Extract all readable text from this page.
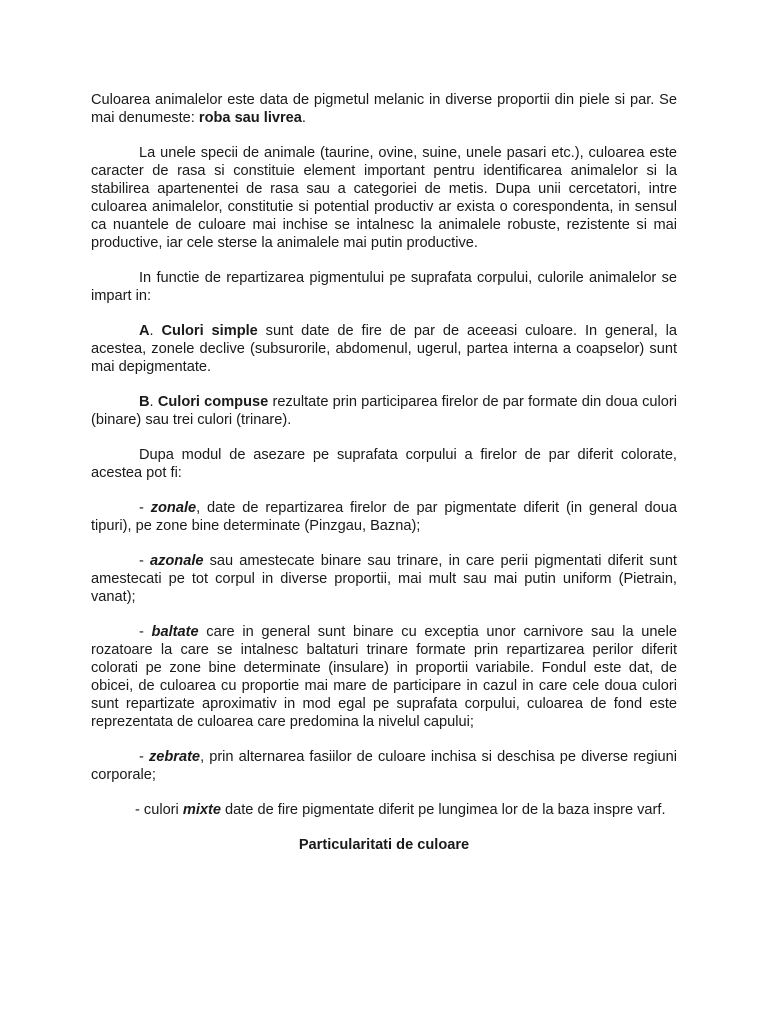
Culoarea animalelor este data de pigmetul melanic in diverse proportii din piele si par. Se mai denumeste: roba sau livrea.

La unele specii de animale (taurine, ovine, suine, unele pasari etc.), culoarea este caracter de rasa si constituie element important pentru identificarea animalelor si la stabilirea apartenentei de rasa sau a categoriei de metis. Dupa unii cercetatori, intre culoarea animalelor, constitutie si potential productiv ar exista o corespondenta, in sensul ca nuantele de culoare mai inchise se intalnesc la animalele robuste, rezistente si mai productive, iar cele sterse la animalele mai putin productive.

In functie de repartizarea pigmentului pe suprafata corpului, culorile animalelor se impart in:

A. Culori simple sunt date de fire de par de aceeasi culoare. In general, la acestea, zonele declive (subsurorile, abdomenul, ugerul, partea interna a coapselor) sunt mai depigmentate.

B. Culori compuse rezultate prin participarea firelor de par formate din doua culori (binare) sau trei culori (trinare).

Dupa modul de asezare pe suprafata corpului a firelor de par diferit colorate, acestea pot fi:

- zonale, date de repartizarea firelor de par pigmentate diferit (in general doua tipuri), pe zone bine determinate (Pinzgau, Bazna);

- azonale sau amestecate binare sau trinare, in care perii pigmentati diferit sunt amestecati pe tot corpul in diverse proportii, mai mult sau mai putin uniform (Pietrain, vanat);

- baltate care in general sunt binare cu exceptia unor carnivore sau la unele rozatoare la care se intalnesc baltaturi trinare formate prin repartizarea perilor diferit colorati pe zone bine determinate (insulare) in proportii variabile. Fondul este dat, de obicei, de culoarea cu proportie mai mare de participare in cazul in care cele doua culori sunt repartizate aproximativ in mod egal pe suprafata corpului, culoarea de fond este reprezentata de culoarea care predomina la nivelul capului;

- zebrate, prin alternarea fasiilor de culoare inchisa si deschisa pe diverse regiuni corporale;

- culori mixte date de fire pigmentate diferit pe lungimea lor de la baza inspre varf.

Particularitati de culoare
